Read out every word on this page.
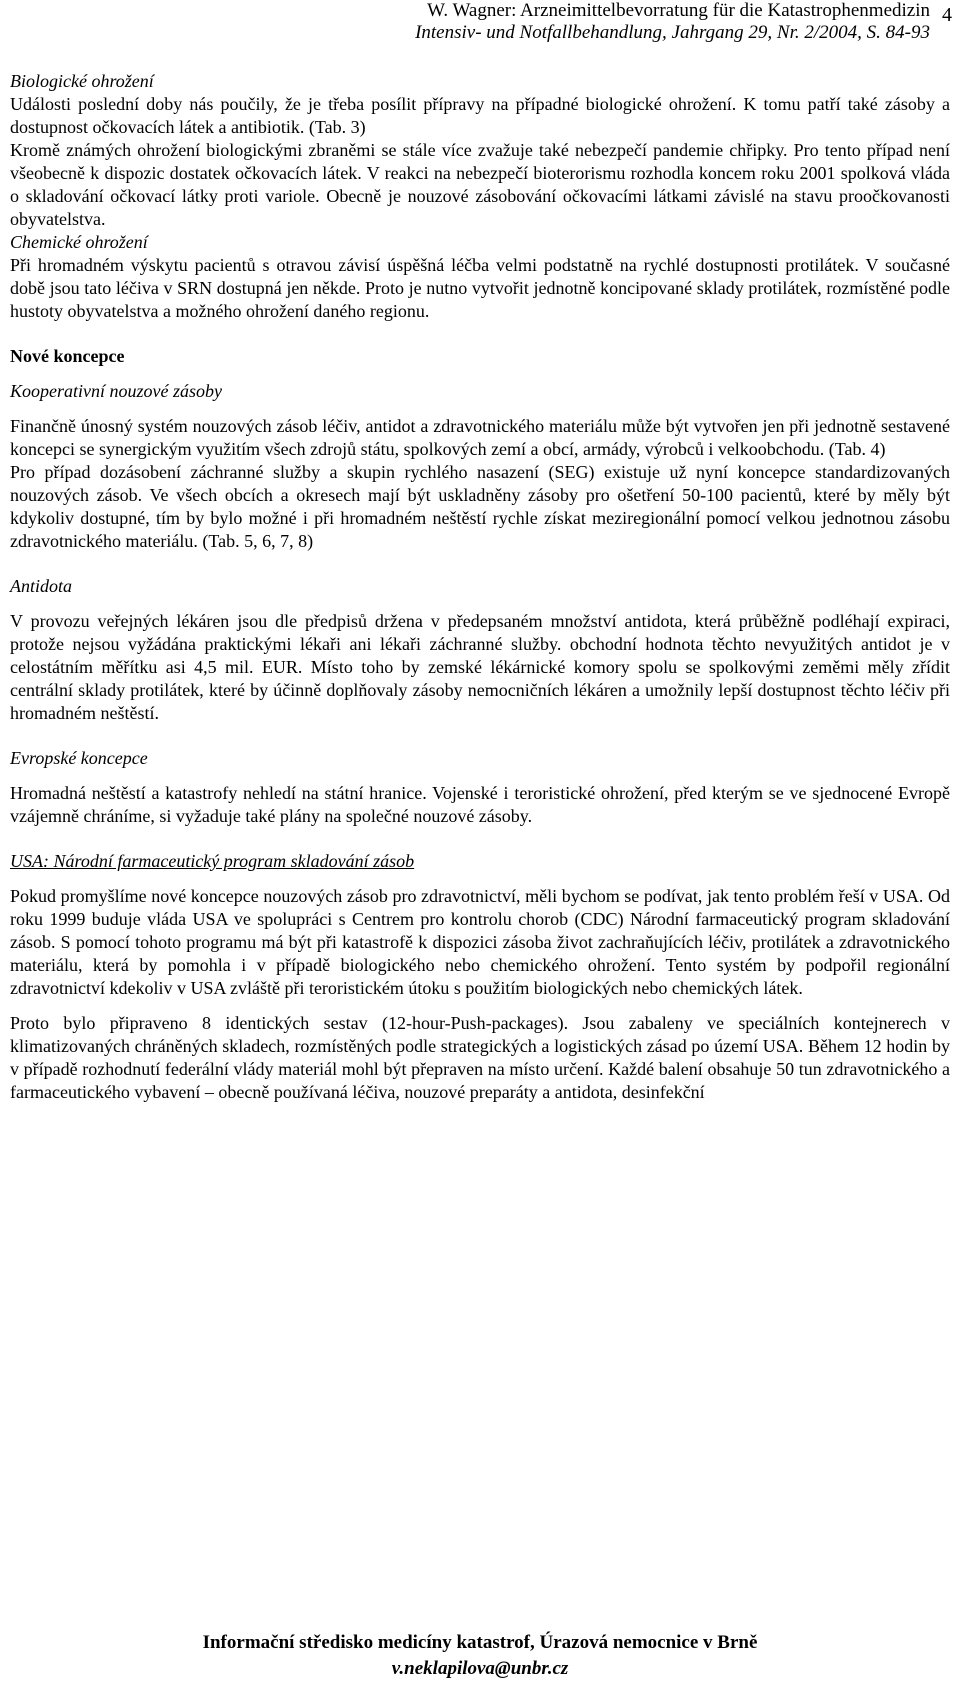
W. Wagner: Arzneimittelbevorratung für die Katastrophenmedizin
Intensiv- und Notfallbehandlung, Jahrgang 29, Nr. 2/2004, S. 84-93
4

Biologické ohrožení

Události poslední doby nás poučily, že je třeba posílit přípravy na případné biologické ohrožení. K tomu patří také zásoby a dostupnost očkovacích látek a antibiotik. (Tab. 3)

Kromě známých ohrožení biologickými zbraněmi se stále více zvažuje také nebezpečí pandemie chřipky. Pro tento případ není všeobecně k dispozic dostatek očkovacích látek. V reakci na nebezpečí bioterorismu rozhodla koncem roku 2001 spolková vláda o skladování očkovací látky proti variole. Obecně je nouzové zásobování očkovacími látkami závislé na stavu proočkovanosti obyvatelstva.

Chemické ohrožení

Při hromadném výskytu pacientů s otravou závisí úspěšná léčba velmi podstatně na rychlé dostupnosti protilátek. V současné době jsou tato léčiva v SRN dostupná jen někde. Proto je nutno vytvořit jednotně koncipované sklady protilátek, rozmístěné podle hustoty obyvatelstva a možného ohrožení daného regionu.

Nové koncepce

Kooperativní nouzové zásoby

Finančně únosný systém nouzových zásob léčiv, antidot a zdravotnického materiálu může být vytvořen jen při jednotně sestavené koncepci se synergickým využitím všech zdrojů státu, spolkových zemí a obcí, armády, výrobců i velkoobchodu. (Tab. 4)

Pro případ dozásobení záchranné služby a skupin rychlého nasazení (SEG) existuje už nyní koncepce standardizovaných nouzových zásob. Ve všech obcích a okresech mají být uskladněny zásoby pro ošetření 50-100 pacientů, které by měly být kdykoliv dostupné, tím by bylo možné i při hromadném neštěstí rychle získat meziregionální pomocí velkou jednotnou zásobu zdravotnického materiálu. (Tab. 5, 6, 7, 8)

Antidota

V provozu veřejných lékáren jsou dle předpisů držena v předepsaném množství antidota, která průběžně podléhají expiraci, protože nejsou vyžádána praktickými lékaři ani lékaři záchranné služby. obchodní hodnota těchto nevyužitých antidot je v celostátním měřítku asi 4,5 mil. EUR. Místo toho by zemské lékárnické komory spolu se spolkovými zeměmi měly zřídit centrální sklady protilátek, které by účinně doplňovaly zásoby nemocničních lékáren a umožnily lepší dostupnost těchto léčiv při hromadném neštěstí.

Evropské koncepce

Hromadná neštěstí a katastrofy nehledí na státní hranice. Vojenské i teroristické ohrožení, před kterým se ve sjednocené Evropě vzájemně chráníme, si vyžaduje také plány na společné nouzové zásoby.

USA: Národní farmaceutický program skladování zásob

Pokud promyšlíme nové koncepce nouzových zásob pro zdravotnictví, měli bychom se podívat, jak tento problém řeší v USA. Od roku 1999 buduje vláda USA ve spolupráci s Centrem pro kontrolu chorob (CDC) Národní farmaceutický program skladování zásob. S pomocí tohoto programu má být při katastrofě k dispozici zásoba život zachraňujících léčiv, protilátek a zdravotnického materiálu, která by pomohla i v případě biologického nebo chemického ohrožení. Tento systém by podpořil regionální zdravotnictví kdekoliv v USA zvláště při teroristickém útoku s použitím biologických nebo chemických látek.

Proto bylo připraveno 8 identických sestav (12-hour-Push-packages). Jsou zabaleny ve speciálních kontejnerech v klimatizovaných chráněných skladech, rozmístěných podle strategických a logistických zásad po území USA. Během 12 hodin by v případě rozhodnutí federální vlády materiál mohl být přepraven na místo určení. Každé balení obsahuje 50 tun zdravotnického a farmaceutického vybavení – obecně používaná léčiva, nouzové preparáty a antidota, desinfekční

Informační středisko medicíny katastrof, Úrazová nemocnice v Brně
v.neklapilova@unbr.cz
